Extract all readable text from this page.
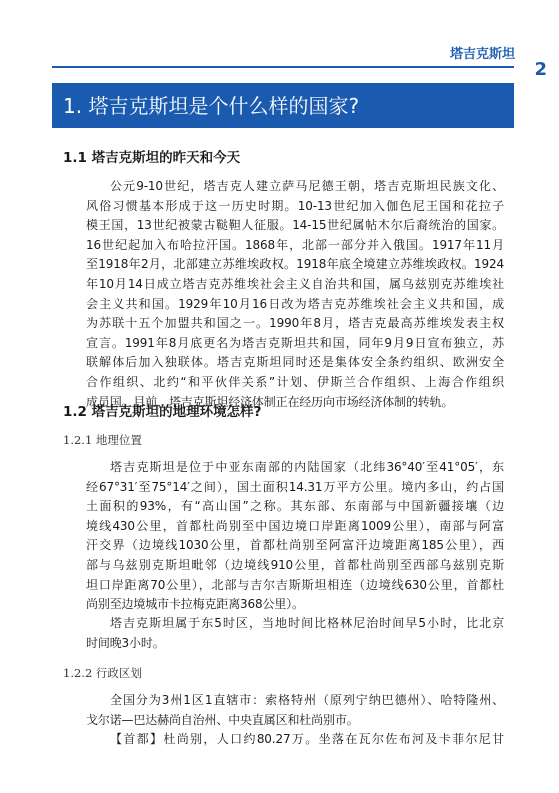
塔吉克斯坦
2
1. 塔吉克斯坦是个什么样的国家?
1.1 塔吉克斯坦的昨天和今天
公元9-10世纪，塔吉克人建立萨马尼德王朝，塔吉克斯坦民族文化、
风俗习惯基本形成于这一历史时期。10-13世纪加入伽色尼王国和花拉子
模王国，13世纪被蒙古鞑靼人征服。14-15世纪属帖木尔后裔统治的国家。
16世纪起加入布哈拉汗国。1868年，北部一部分并入俄国。1917年11月
至1918年2月，北部建立苏维埃政权。1918年底全境建立苏维埃政权。1924
年10月14日成立塔吉克苏维埃社会主义自治共和国，属乌兹别克苏维埃社
会主义共和国。1929年10月16日改为塔吉克苏维埃社会主义共和国，成
为苏联十五个加盟共和国之一。1990年8月，塔吉克最高苏维埃发表主权
宣言。1991年8月底更名为塔吉克斯坦共和国，同年9月9日宣布独立，苏
联解体后加入独联体。塔吉克斯坦同时还是集体安全条约组织、欧洲安全
合作组织、北约“和平伙伴关系”计划、伊斯兰合作组织、上海合作组织
成员国。目前，塔吉克斯坦经济体制正在经历向市场经济体制的转轨。
1.2 塔吉克斯坦的地理环境怎样?
1.2.1 地理位置
塔吉克斯坦是位于中亚东南部的内陆国家（北纬36°40′至41°05′，东
经67°31′至75°14′之间），国土面积14.31万平方公里。境内多山，约占国
土面积的93%，有“高山国”之称。其东部、东南部与中国新疆接壤（边
境线430公里，首都杜尚别至中国边境口岸距离1009公里），南部与阿富
汗交界（边境线1030公里，首都杜尚别至阿富汗边境距离185公里），西
部与乌兹别克斯坦毗邻（边境线910公里，首都杜尚别至西部乌兹别克斯
坦口岸距离70公里），北部与吉尔吉斯斯坦相连（边境线630公里，首都杜
尚别至边境城市卡拉梅克距离368公里）。
塔吉克斯坦属于东5时区，当地时间比格林尼治时间早5小时，比北京
时间晚3小时。
1.2.2 行政区划
全国分为3州1区1直辖市：索格特州（原列宁纳巴德州）、哈特隆州、
戈尔诺—巴达赫尚自治州、中央直属区和杜尚别市。
【首都】杜尚别，人口约80.27万。坐落在瓦尔佐布河及卡菲尔尼甘
